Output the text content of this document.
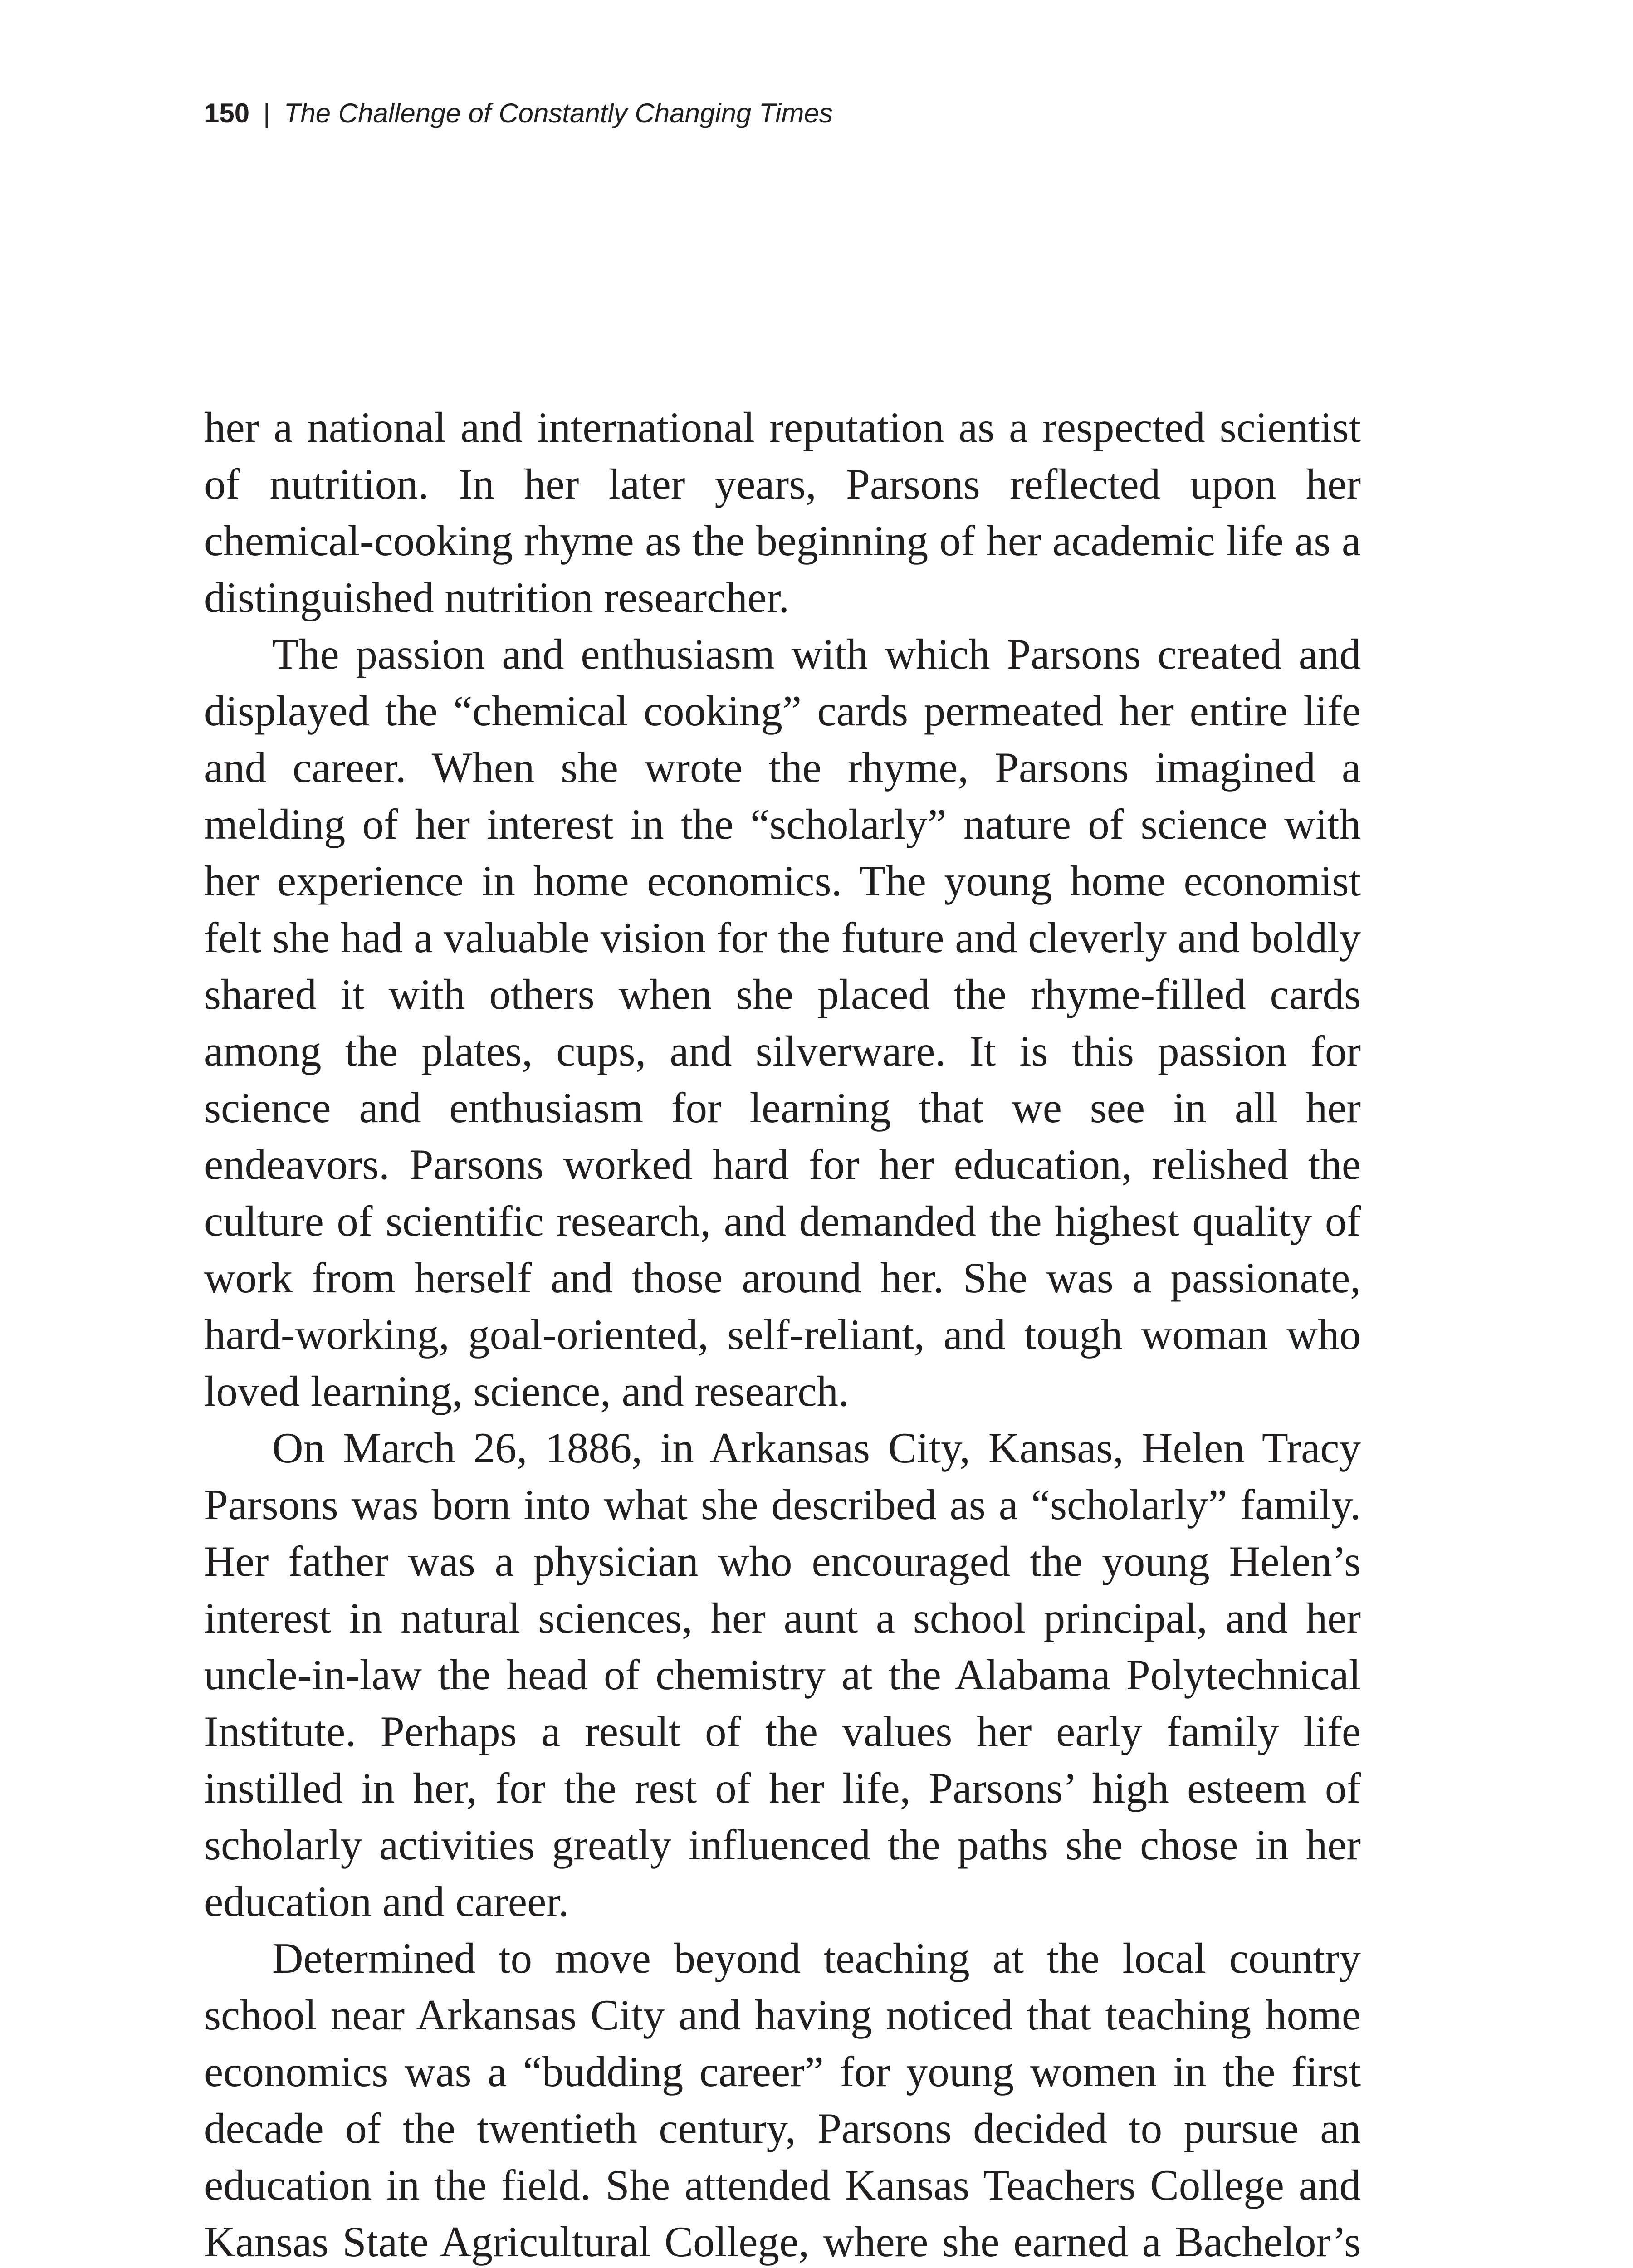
150 | The Challenge of Constantly Changing Times

her a national and international reputation as a respected scientist of nutrition. In her later years, Parsons reflected upon her chemical-cooking rhyme as the beginning of her academic life as a distinguished nutrition researcher.

The passion and enthusiasm with which Parsons created and displayed the “chemical cooking” cards permeated her entire life and career. When she wrote the rhyme, Parsons imagined a melding of her interest in the “scholarly” nature of science with her experience in home economics. The young home economist felt she had a valuable vision for the future and cleverly and boldly shared it with others when she placed the rhyme-filled cards among the plates, cups, and silverware. It is this passion for science and enthusiasm for learning that we see in all her endeavors. Parsons worked hard for her education, relished the culture of scientific research, and demanded the highest quality of work from herself and those around her. She was a passionate, hard-working, goal-oriented, self-reliant, and tough woman who loved learning, science, and research.

On March 26, 1886, in Arkansas City, Kansas, Helen Tracy Parsons was born into what she described as a “scholarly” family. Her father was a physician who encouraged the young Helen’s interest in natural sciences, her aunt a school principal, and her uncle-in-law the head of chemistry at the Alabama Polytechnical Institute. Perhaps a result of the values her early family life instilled in her, for the rest of her life, Parsons’ high esteem of scholarly activities greatly influenced the paths she chose in her education and career.

Determined to move beyond teaching at the local country school near Arkansas City and having noticed that teaching home economics was a “budding career” for young women in the first decade of the twentieth century, Parsons decided to pursue an education in the field. She attended Kansas Teachers College and Kansas State Agricultural College, where she earned a Bachelor’s
